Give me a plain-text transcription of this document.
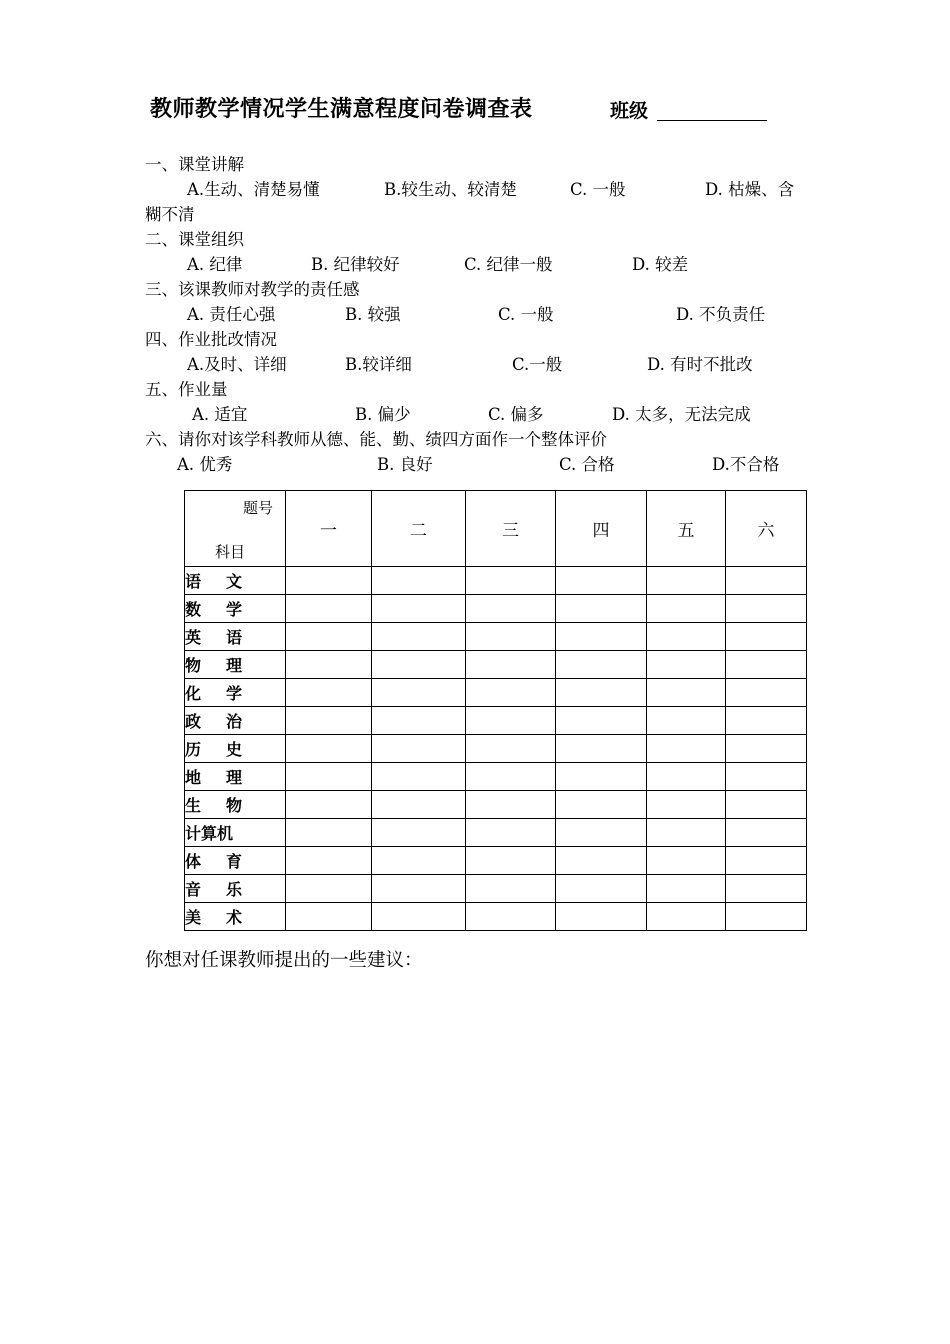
教师教学情况学生满意程度问卷调查表	班级
一、课堂讲解
A.生动、清楚易懂	B.较生动、较清楚	C. 一般	D. 枯燥、含
糊不清
二、课堂组织
A. 纪律	B. 纪律较好	C. 纪律一般	D. 较差
三、该课教师对教学的责任感
A. 责任心强	B. 较强	C. 一般	D. 不负责任
四、作业批改情况
A.及时、详细	B.较详细	C.一般	D. 有时不批改
五、作业量
A. 适宜	B. 偏少	C. 偏多	D. 太多，无法完成
六、请你对该学科教师从德、能、勤、绩四方面作一个整体评价
A. 优秀	B. 良好	C. 合格	D.不合格
题号
科目	一	二	三	四	五	六

语 文						

数 学						

英 语						

物 理						

化 学						

政 治						

历 史						

地 理						

生 物						

计算机						

体 育						

音 乐						

美 术						

你想对任课教师提出的一些建议：
